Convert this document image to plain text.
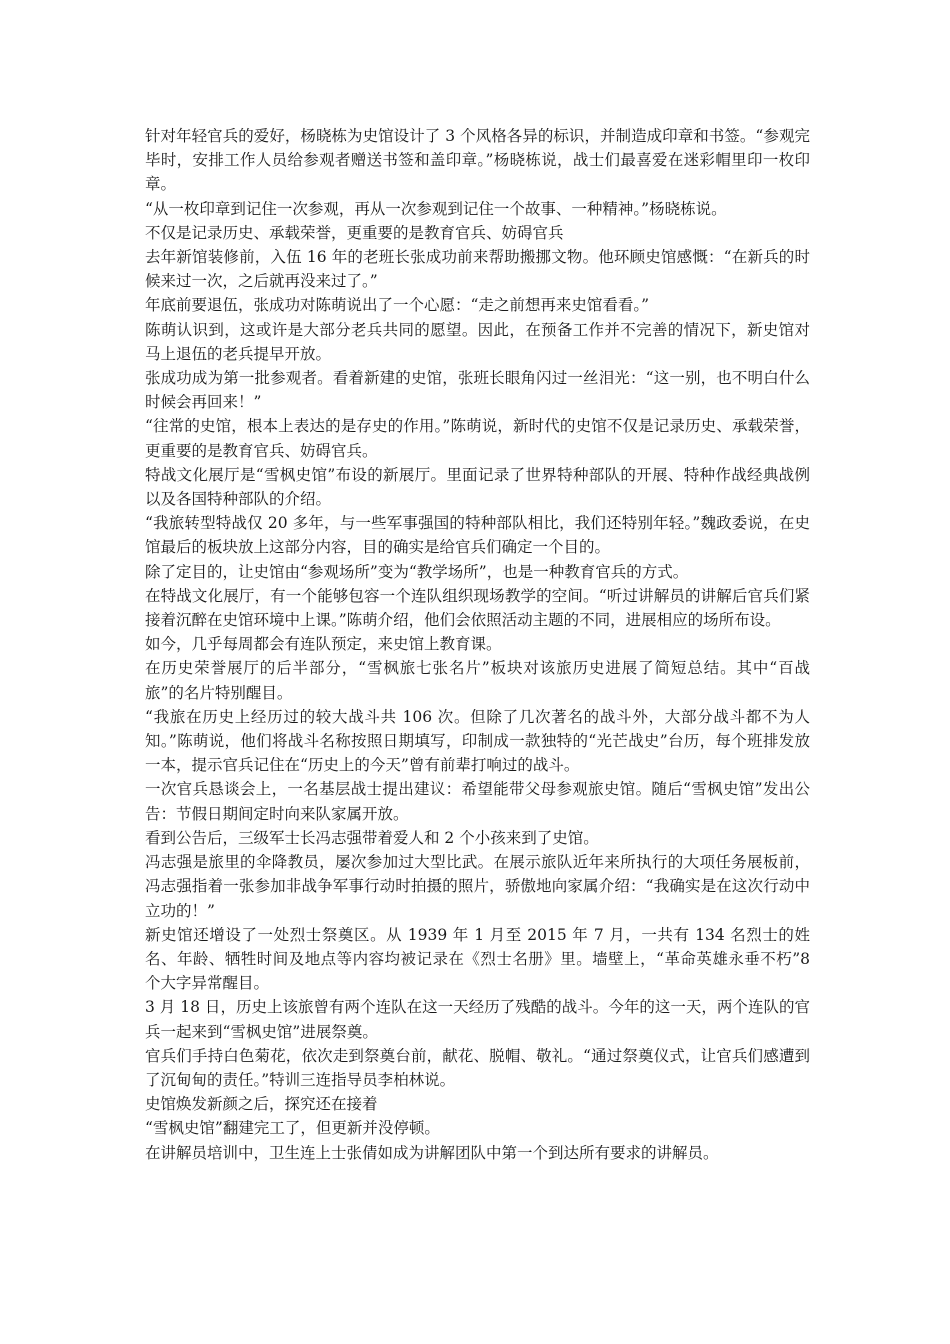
针对年轻官兵的爱好，杨晓栋为史馆设计了 3 个风格各异的标识，并制造成印章和书签。“参观完毕时，安排工作人员给参观者赠送书签和盖印章。”杨晓栋说，战士们最喜爱在迷彩帽里印一枚印章。

“从一枚印章到记住一次参观，再从一次参观到记住一个故事、一种精神。”杨晓栋说。

不仅是记录历史、承载荣誉，更重要的是教育官兵、妨碍官兵

去年新馆装修前，入伍 16 年的老班长张成功前来帮助搬挪文物。他环顾史馆感慨：“在新兵的时候来过一次，之后就再没来过了。”

年底前要退伍，张成功对陈萌说出了一个心愿：“走之前想再来史馆看看。”

陈萌认识到，这或许是大部分老兵共同的愿望。因此，在预备工作并不完善的情况下，新史馆对马上退伍的老兵提早开放。

张成功成为第一批参观者。看着新建的史馆，张班长眼角闪过一丝泪光：“这一别，也不明白什么时候会再回来！”

“往常的史馆，根本上表达的是存史的作用。”陈萌说，新时代的史馆不仅是记录历史、承载荣誉，更重要的是教育官兵、妨碍官兵。

特战文化展厅是“雪枫史馆”布设的新展厅。里面记录了世界特种部队的开展、特种作战经典战例以及各国特种部队的介绍。

“我旅转型特战仅 20 多年，与一些军事强国的特种部队相比，我们还特别年轻。”魏政委说，在史馆最后的板块放上这部分内容，目的确实是给官兵们确定一个目的。

除了定目的，让史馆由“参观场所”变为“教学场所”，也是一种教育官兵的方式。

在特战文化展厅，有一个能够包容一个连队组织现场教学的空间。“听过讲解员的讲解后官兵们紧接着沉醉在史馆环境中上课。”陈萌介绍，他们会依照活动主题的不同，进展相应的场所布设。

如今，几乎每周都会有连队预定，来史馆上教育课。

在历史荣誉展厅的后半部分，“雪枫旅七张名片”板块对该旅历史进展了简短总结。其中“百战旅”的名片特别醒目。

“我旅在历史上经历过的较大战斗共 106 次。但除了几次著名的战斗外，大部分战斗都不为人知。”陈萌说，他们将战斗名称按照日期填写，印制成一款独特的“光芒战史”台历，每个班排发放一本，提示官兵记住在“历史上的今天”曾有前辈打响过的战斗。

一次官兵恳谈会上，一名基层战士提出建议：希望能带父母参观旅史馆。随后“雪枫史馆”发出公告：节假日期间定时向来队家属开放。

看到公告后，三级军士长冯志强带着爱人和 2 个小孩来到了史馆。

冯志强是旅里的伞降教员，屡次参加过大型比武。在展示旅队近年来所执行的大项任务展板前，冯志强指着一张参加非战争军事行动时拍摄的照片，骄傲地向家属介绍：“我确实是在这次行动中立功的！”

新史馆还增设了一处烈士祭奠区。从 1939 年 1 月至 2015 年 7 月，一共有 134 名烈士的姓名、年龄、牺牲时间及地点等内容均被记录在《烈士名册》里。墙壁上，“革命英雄永垂不朽”8 个大字异常醒目。

3 月 18 日，历史上该旅曾有两个连队在这一天经历了残酷的战斗。今年的这一天，两个连队的官兵一起来到“雪枫史馆”进展祭奠。

官兵们手持白色菊花，依次走到祭奠台前，献花、脱帽、敬礼。“通过祭奠仪式，让官兵们感遭到了沉甸甸的责任。”特训三连指导员李柏林说。

史馆焕发新颜之后，探究还在接着

“雪枫史馆”翻建完工了，但更新并没停顿。

在讲解员培训中，卫生连上士张倩如成为讲解团队中第一个到达所有要求的讲解员。
